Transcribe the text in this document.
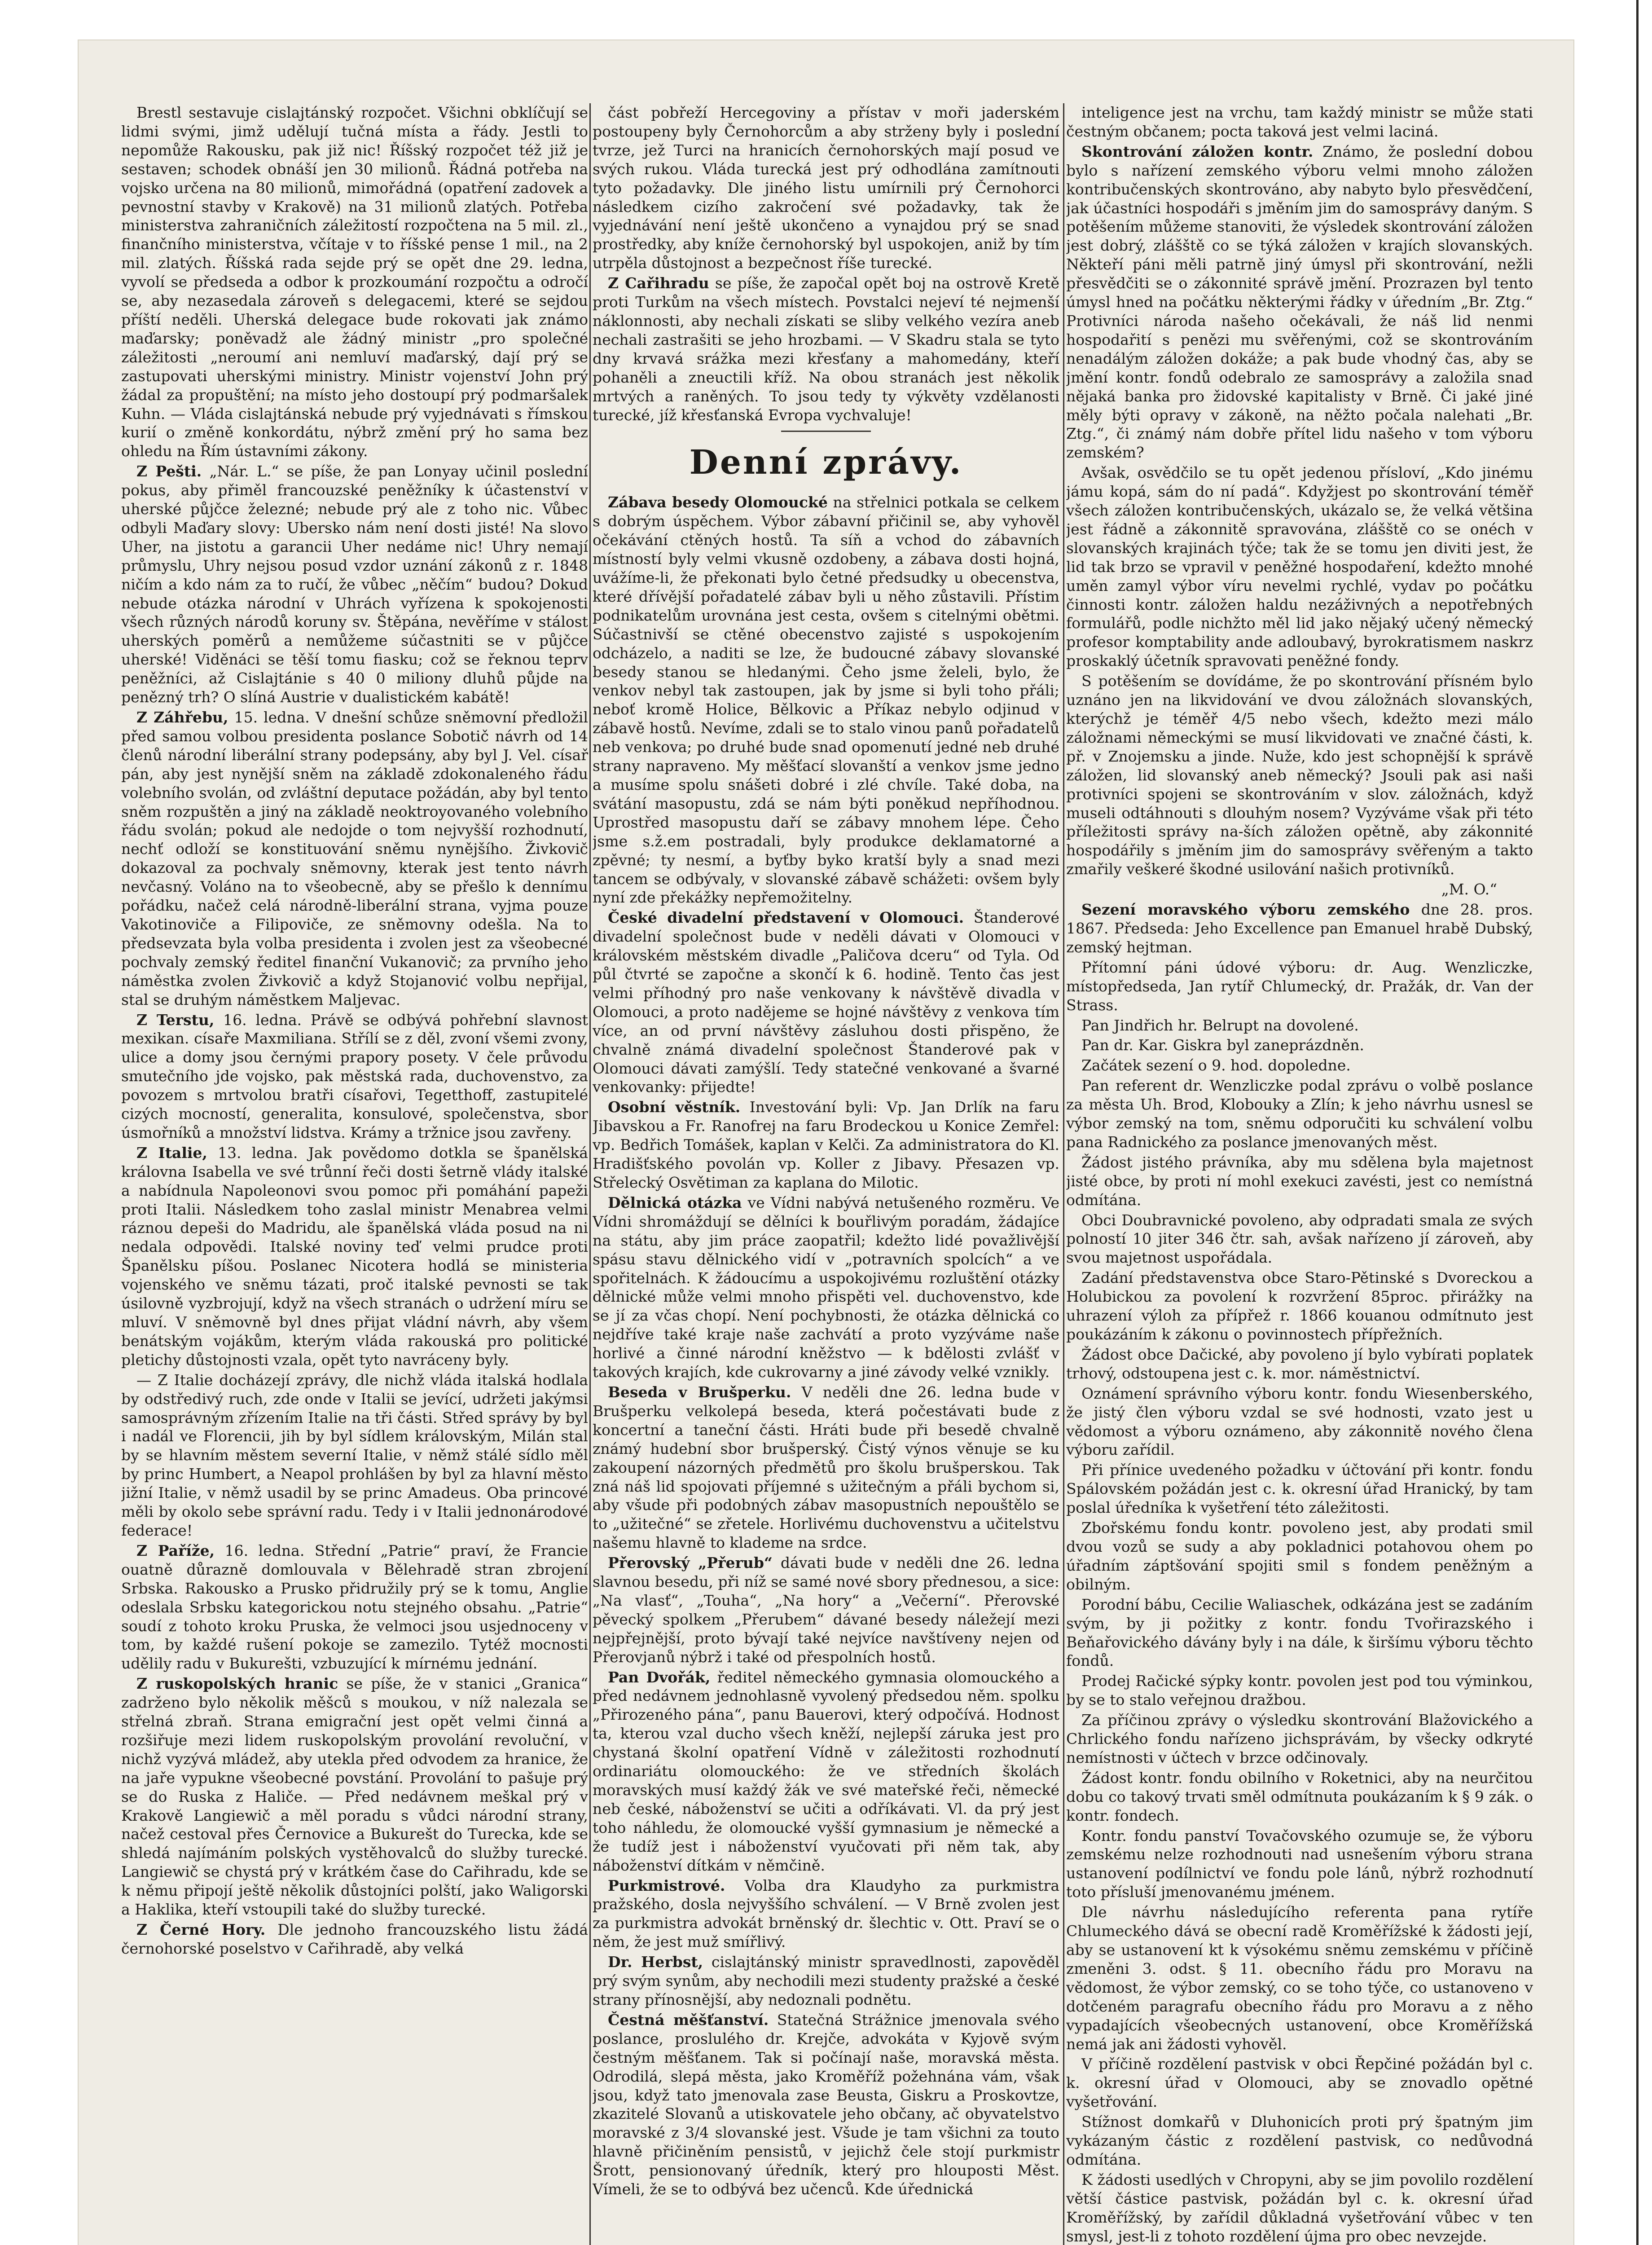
Brestl sestavuje cislajtánský rozpočet. Všichni obklíčují se lidmi svými, jimž udělují tučná místa a řády. Jestli to nepomůže Rakousku, pak již nic! Říšský rozpočet též již je sestaven; schodek obnáší jen 30 milionů. Řádná potřeba na vojsko určena na 80 milionů, mimořádná (opatření zadovek a pevnostní stavby v Krakově) na 31 milionů zlatých. Potřeba ministerstva zahraničních záležitostí rozpočtena na 5 mil. zl., finančního ministerstva, včítaje v to říšské pense 1 mil., na 2 mil. zlatých. Říšská rada sejde prý se opět dne 29. ledna, vyvolí se předseda a odbor k prozkoumání rozpočtu a odročí se, aby nezasedala zároveň s delegacemi, které se sejdou příští neděli. Uherská delegace bude rokovati jak známo maďarsky; poněvadž ale žádný ministr „pro společné záležitosti „neroumí ani nemluví maďarský, dají prý se zastupovati uherskými ministry. Ministr vojenství John prý žádal za propuštění; na místo jeho dostoupí prý podmaršalek Kuhn. — Vláda cislajtánská nebude prý vyjednávati s římskou kurií o změně konkordátu, nýbrž změní prý ho sama bez ohledu na Řím ústavními zákony.

Z Pešti. „Nár. L.“ se píše, že pan Lonyay učinil poslední pokus, aby přiměl francouzské peněžníky k účastenství v uherské půjčce železné; nebude prý ale z toho nic. Vůbec odbyli Maďary slovy: Ubersko nám není dosti jisté! Na slovo Uher, na jistotu a garancii Uher nedáme nic! Uhry nemají průmyslu, Uhry nejsou posud vzdor uznání zákonů z r. 1848 ničím a kdo nám za to ručí, že vůbec „něčím“ budou? Dokud nebude otázka národní v Uhrách vyřízena k spokojenosti všech různých národů koruny sv. Štěpána, nevěříme v stálost uherských poměrů a nemůžeme súčastniti se v půjčce uherské! Viděnáci se těší tomu fiasku; což se řeknou teprv peněžníci, až Cislajtánie s 40 0 miliony dluhů půjde na penězný trh? O slíná Austrie v dualistickém kabátě!

Z Záhřebu, 15. ledna. V dnešní schůze sněmovní předložil před samou volbou presidenta poslance Sobotič návrh od 14 členů národní liberální strany podepsány, aby byl J. Vel. císař pán, aby jest nynější sněm na základě zdokonaleného řádu volebního svolán, od zvláštní deputace požádán, aby byl tento sněm rozpuštěn a jiný na základě neoktroyovaného volebního řádu svolán; pokud ale nedojde o tom nejvyšší rozhodnutí, nechť odloží se konstituování sněmu nynějšího. Živkovič dokazoval za pochvaly sněmovny, kterak jest tento návrh nevčasný. Voláno na to všeobecně, aby se přešlo k dennímu pořádku, načež celá národně-liberální strana, vyjma pouze Vakotinoviče a Filipoviče, ze sněmovny odešla. Na to předsevzata byla volba presidenta i zvolen jest za všeobecné pochvaly zemský ředitel finanční Vukanovič; za prvního jeho náměstka zvolen Živkovič a když Stojanović volbu nepřijal, stal se druhým náměstkem Maljevac.

Z Terstu, 16. ledna. Právě se odbývá pohřební slavnost mexikan. císaře Maxmiliana. Střílí se z děl, zvoní všemi zvony, ulice a domy jsou černými prapory posety. V čele průvodu smutečního jde vojsko, pak městská rada, duchovenstvo, za povozem s mrtvolou bratři císařovi, Tegetthoff, zastupitelé cizých mocností, generalita, konsulové, společenstva, sbor úsmořníků a množství lidstva. Krámy a tržnice jsou zavřeny.

Z Italie, 13. ledna. Jak povědomo dotkla se španělská královna Isabella ve své trůnní řeči dosti šetrně vlády italské a nabídnula Napoleonovi svou pomoc při pomáhání papeži proti Italii. Následkem toho zaslal ministr Menabrea velmi ráznou depeši do Madridu, ale španělská vláda posud na ni nedala odpovědi. Italské noviny teď velmi prudce proti Španělsku píšou. Poslanec Nicotera hodlá se ministeria vojenského ve sněmu tázati, proč italské pevnosti se tak úsilovně vyzbrojují, když na všech stranách o udržení míru se mluví. V sněmovně byl dnes přijat vládní návrh, aby všem benátským vojákům, kterým vláda rakouská pro politické pletichy důstojnosti vzala, opět tyto navráceny byly.

— Z Italie docházejí zprávy, dle nichž vláda italská hodlala by odstředivý ruch, zde onde v Italii se jevící, udržeti jakýmsi samosprávným zřízením Italie na tři části. Střed správy by byl i nadál ve Florencii, jih by byl sídlem královským, Milán stal by se hlavním městem severní Italie, v němž stálé sídlo měl by princ Humbert, a Neapol prohlášen by byl za hlavní město jižní Italie, v němž usadil by se princ Amadeus. Oba princové měli by okolo sebe správní radu. Tedy i v Italii jednonárodové federace!

Z Paříže, 16. ledna. Střední „Patrie“ praví, že Francie ouatně důrazně domlouvala v Bělehradě stran zbrojení Srbska. Rakousko a Prusko přidružily prý se k tomu, Anglie odeslala Srbsku kategorickou notu stejného obsahu. „Patrie“ soudí z tohoto kroku Pruska, že velmoci jsou usjednoceny v tom, by každé rušení pokoje se zamezilo. Tytéž mocnosti udělily radu v Bukurešti, vzbuzující k mírnému jednání.

Z ruskopolských hranic se píše, že v stanici „Granica“ zadrženo bylo několik měšců s moukou, v níž nalezala se střelná zbraň. Strana emigrační jest opět velmi činná a rozšiřuje mezi lidem ruskopolským provolání revoluční, v nichž vyzývá mládež, aby utekla před odvodem za hranice, že na jaře vypukne všeobecné povstání. Provolání to pašuje prý se do Ruska z Haliče. — Před nedávnem meškal prý v Krakově Langiewič a měl poradu s vůdci národní strany, načež cestoval přes Černovice a Bukurešt do Turecka, kde se shledá najímáním polských vystěhovalců do služby turecké. Langiewič se chystá prý v krátkém čase do Cařihradu, kde se k němu připojí ještě několik důstojníci polští, jako Waligorski a Haklika, kteří vstoupili také do služby turecké.

Z Černé Hory. Dle jednoho francouzského listu žádá černohorské poselstvo v Cařihradě, aby velká

část pobřeží Hercegoviny a přístav v moři jaderském postoupeny byly Černohorcům a aby strženy byly i poslední tvrze, jež Turci na hranicích černohorských mají posud ve svých rukou. Vláda turecká jest prý odhodlána zamítnouti tyto požadavky. Dle jiného listu umírnili prý Černohorci následkem cizího zakročení své požadavky, tak že vyjednávání není ještě ukončeno a vynajdou prý se snad prostředky, aby kníže černohorský byl uspokojen, aniž by tím utrpěla důstojnost a bezpečnost říše turecké.

Z Cařihradu se píše, že započal opět boj na ostrově Kretě proti Turkům na všech místech. Povstalci nejeví té nejmenší náklonnosti, aby nechali získati se sliby velkého vezíra aneb nechali zastrašiti se jeho hrozbami. — V Skadru stala se tyto dny krvavá srážka mezi křesťany a mahomedány, kteří pohaněli a zneuctili kříž. Na obou stranách jest několik mrtvých a raněných. To jsou tedy ty výkvěty vzdělanosti turecké, jíž křesťanská Evropa vychvaluje!

Denní zprávy.

Zábava besedy Olomoucké na střelnici potkala se celkem s dobrým úspěchem. Výbor zábavní přičinil se, aby vyhověl očekávání ctěných hostů. Ta síň a vchod do zábavních místností byly velmi vkusně ozdobeny, a zábava dosti hojná, uvážíme-li, že překonati bylo četné předsudky u obecenstva, které dřívější pořadatelé zábav byli u něho zůstavili. Přístim podnikatelům urovnána jest cesta, ovšem s citelnými obětmi. Súčastnivší se ctěné obecenstvo zajisté s uspokojením odcházelo, a naditi se lze, že budoucné zábavy slovanské besedy stanou se hledanými. Čeho jsme želeli, bylo, že venkov nebyl tak zastoupen, jak by jsme si byli toho přáli; neboť kromě Holice, Bělkovic a Příkaz nebylo odjinud v zábavě hostů. Nevíme, zdali se to stalo vinou panů pořadatelů neb venkova; po druhé bude snad opomenutí jedné neb druhé strany napraveno. My měšťací slovanští a venkov jsme jedno a musíme spolu snášeti dobré i zlé chvíle. Také doba, na svátání masopustu, zdá se nám býti poněkud nepříhodnou. Uprostřed masopustu daří se zábavy mnohem lépe. Čeho jsme s.ž.em postradali, byly produkce deklamatorné a zpěvné; ty nesmí, a byťby byko kratší byly a snad mezi tancem se odbývaly, v slovanské zábavě schážeti: ovšem byly nyní zde překážky nepřemožitelny.

České divadelní představení v Olomouci. Štanderové divadelní společnost bude v neděli dávati v Olomouci v královském městském divadle „Paličova dceru“ od Tyla. Od půl čtvrté se započne a skončí k 6. hodině. Tento čas jest velmi příhodný pro naše venkovany k návštěvě divadla v Olomouci, a proto nadějeme se hojné návštěvy z venkova tím více, an od první návštěvy zásluhou dosti přispěno, že chvalně známá divadelní společnost Štanderové pak v Olomouci dávati zamýšlí. Tedy statečné venkované a švarné venkovanky: přijedte!

Osobní věstník. Investování byli: Vp. Jan Drlík na faru Jibavskou a Fr. Ranofrej na faru Brodeckou u Konice Zemřel: vp. Bedřich Tomášek, kaplan v Kelči. Za administratora do Kl. Hradišťského povolán vp. Koller z Jibavy. Přesazen vp. Střelecký Osvětiman za kaplana do Milotic.

Dělnická otázka ve Vídni nabývá netušeného rozměru. Ve Vídni shromáždují se dělníci k bouřlivým poradám, žádajíce na státu, aby jim práce zaopatřil; kdežto lidé považlivější spásu stavu dělnického vidí v „potravních spolcích“ a ve spořitelnách. K žádoucímu a uspokojivému rozluštění otázky dělnické může velmi mnoho přispěti vel. duchovenstvo, kde se jí za včas chopí. Není pochybnosti, že otázka dělnická co nejdříve také kraje naše zachvátí a proto vyzýváme naše horlivé a činné národní kněžstvo — k bdělosti zvlášť v takových krajích, kde cukrovarny a jiné závody velké vznikly.

Beseda v Brušperku. V neděli dne 26. ledna bude v Brušperku velkolepá beseda, která počestávati bude z koncertní a taneční části. Hráti bude při besedě chvalně známý hudební sbor brušperský. Čistý výnos věnuje se ku zakoupení názorných předmětů pro školu brušperskou. Tak zná náš lid spojovati příjemné s užitečným a přáli bychom si, aby všude při podobných zábav masopustních nepouštělo se to „užitečné“ se zřetele. Horlivému duchovenstvu a učitelstvu našemu hlavně to klademe na srdce.

Přerovský „Přerub“ dávati bude v neděli dne 26. ledna slavnou besedu, při níž se samé nové sbory přednesou, a sice: „Na vlasť“, „Touha“, „Na hory“ a „Večerní“. Přerovské pěvecký spolkem „Přerubem“ dávané besedy náležejí mezi nejpřejnější, proto bývají také nejvíce navštíveny nejen od Přerovjanů nýbrž i také od přespolních hostů.

Pan Dvořák, ředitel německého gymnasia olomouckého a před nedávnem jednohlasně vyvolený předsedou něm. spolku „Přirozeného pána“, panu Bauerovi, který odpočívá. Hodnost ta, kterou vzal ducho všech kněží, nejlepší záruka jest pro chystaná školní opatření Vídně v záležitosti rozhodnutí ordinariátu olomouckého: že ve středních školách moravských musí každý žák ve své mateřské řeči, německé neb české, náboženství se učiti a odříkávati. Vl. da prý jest toho náhledu, že olomoucké vyšší gymnasium je německé a že tudíž jest i náboženství vyučovati při něm tak, aby náboženství dítkám v němčině.

Purkmistrové. Volba dra Klaudyho za purkmistra pražského, dosla nejvyššího schválení. — V Brně zvolen jest za purkmistra advokát brněnský dr. šlechtic v. Ott. Praví se o něm, že jest muž smířlivý.

Dr. Herbst, cislajtánský ministr spravedlnosti, zapověděl prý svým synům, aby nechodili mezi studenty pražské a české strany přínosnější, aby nedoznali podnětu.

Čestná měšťanství. Statečná Strážnice jmenovala svého poslance, proslulého dr. Krejče, advokáta v Kyjově svým čestným měšťanem. Tak si počínají naše, moravská města. Odrodilá, slepá města, jako Kroměříž požehnána vám, však jsou, když tato jmenovala zase Beusta, Giskru a Proskovtze, zkazitelé Slovanů a utiskovatele jeho občany, ač obyvatelstvo moravské z 3/4 slovanské jest. Všude je tam všichni za touto hlavně přičiněním pensistů, v jejichž čele stojí purkmistr Šrott, pensionovaný úředník, který pro hlouposti Měst. Vímeli, že se to odbývá bez učenců. Kde úřednická

inteligence jest na vrchu, tam každý ministr se může stati čestným občanem; pocta taková jest velmi laciná.

Skontrování záložen kontr. Známo, že poslední dobou bylo s nařízení zemského výboru velmi mnoho záložen kontribučenských skontrováno, aby nabyto bylo přesvědčení, jak účastníci hospodáři s jměním jim do samosprávy daným. S potěšením můžeme stanoviti, že výsledek skontrování záložen jest dobrý, zlášště co se týká záložen v krajích slovanských. Někteří páni měli patrně jiný úmysl při skontrování, nežli přesvědčiti se o zákonnité správě jmění. Prozrazen byl tento úmysl hned na počátku některými řádky v úředním „Br. Ztg.“ Protivníci národa našeho očekávali, že náš lid nenmi hospodařití s penězi mu svěřenými, což se skontrováním nenadálým záložen dokáže; a pak bude vhodný čas, aby se jmění kontr. fondů odebralo ze samosprávy a založila snad nějaká banka pro židovské kapitalisty v Brně. Či jaké jiné měly býti opravy v zákoně, na něžto počala nalehati „Br. Ztg.“, či známý nám dobře přítel lidu našeho v tom výboru zemském?

Avšak, osvědčilo se tu opět jedenou přísloví, „Kdo jinému jámu kopá, sám do ní padá“. Kdyžjest po skontrování téměř všech záložen kontribučenských, ukázalo se, že velká většina jest řádně a zákonnitě spravována, zlášště co se onéch v slovanských krajinách týče; tak že se tomu jen diviti jest, že lid tak brzo se vpravil v peněžné hospodaření, kdežto mnohé uměn zamyl výbor víru nevelmi rychlé, vydav po počátku činnosti kontr. záložen haldu nezáživných a nepotřebných formulářů, podle nichžto měl lid jako nějaký učený německý profesor komptability ande adloubavý, byrokratismem naskrz proskaklý účetník spravovati peněžné fondy.

S potěšením se dovídáme, že po skontrování přísném bylo uznáno jen na likvidování ve dvou záložnách slovanských, kterýchž je téměř 4/5 nebo všech, kdežto mezi málo záložnami německými se musí likvidovati ve značné části, k. př. v Znojemsku a jinde. Nuže, kdo jest schopnější k správě záložen, lid slovanský aneb německý? Jsouli pak asi naši protivníci spojeni se skontrováním v slov. záložnách, když museli odtáhnouti s dlouhým nosem? Vyzýváme však při této příležitosti správy na-ších záložen opětně, aby zákonnité hospodářily s jměním jim do samosprávy svěřeným a takto zmařily veškeré škodné usilování našich protivníků.

„M. O.“

Sezení moravského výboru zemského dne 28. pros. 1867. Předseda: Jeho Excellence pan Emanuel hrabě Dubský, zemský hejtman.

Přítomní páni údové výboru: dr. Aug. Wenzliczke, místopředseda, Jan rytíř Chlumecký, dr. Pražák, dr. Van der Strass.

Pan Jindřich hr. Belrupt na dovolené.

Pan dr. Kar. Giskra byl zaneprázdněn.

Začátek sezení o 9. hod. dopoledne.

Pan referent dr. Wenzliczke podal zprávu o volbě poslance za města Uh. Brod, Klobouky a Zlín; k jeho návrhu usnesl se výbor zemský na tom, sněmu odporučiti ku schválení volbu pana Radnického za poslance jmenovaných měst.

Žádost jistého právníka, aby mu sdělena byla majetnost jisté obce, by proti ní mohl exekuci zavésti, jest co nemístná odmítána.

Obci Doubravnické povoleno, aby odpradati smala ze svých polností 10 jiter 346 čtr. sah, avšak nařízeno jí zároveň, aby svou majetnost uspořádala.

Zadání představenstva obce Staro-Pětinské s Dvoreckou a Holubickou za povolení k rozvržení 85proc. přirážky na uhrazení výloh za přípřež r. 1866 kouanou odmítnuto jest poukázáním k zákonu o povinnostech přípřežních.

Žádost obce Dačické, aby povoleno jí bylo vybírati poplatek trhový, odstoupena jest c. k. mor. náměstnictví.

Oznámení správního výboru kontr. fondu Wiesenberského, že jistý člen výboru vzdal se své hodnosti, vzato jest u vědomost a výboru oznámeno, aby zákonnitě nového člena výboru zařídil.

Při přínice uvedeného požadku v účtování při kontr. fondu Spálovském požádán jest c. k. okresní úřad Hranický, by tam poslal úředníka k vyšetření této záležitosti.

Zbořskému fondu kontr. povoleno jest, aby prodati smil dvou vozů se sudy a aby pokladnici potahovou ohem po úřadním záptšování spojiti smil s fondem peněžným a obilným.

Porodní bábu, Cecilie Waliaschek, odkázána jest se zadáním svým, by ji požitky z kontr. fondu Tvořirazského i Beňařovického dávány byly i na dále, k širšímu výboru těchto fondů.

Prodej Račické sýpky kontr. povolen jest pod tou výminkou, by se to stalo veřejnou dražbou.

Za příčinou zprávy o výsledku skontrování Blažovického a Chrlického fondu nařízeno jichsprávám, by všecky odkryté nemístnosti v účtech v brzce odčinovaly.

Žádost kontr. fondu obilního v Roketnici, aby na neurčitou dobu co takový trvati směl odmítnuta poukázaním k § 9 zák. o kontr. fondech.

Kontr. fondu panství Tovačovského ozumuje se, že výboru zemskému nelze rozhodnouti nad usnešením výboru strana ustanovení podílnictví ve fondu pole lánů, nýbrž rozhodnutí toto přísluší jmenovanému jménem.

Dle návrhu následujícího referenta pana rytíře Chlumeckého dává se obecní radě Kroměřížské k žádosti její, aby se ustanovení kt k výsokému sněmu zemskému v příčině zmeněni 3. odst. § 11. obecního řádu pro Moravu na vědomost, že výbor zemský, co se toho týče, co ustanoveno v dotčeném paragrafu obecního řádu pro Moravu a z něho vypadajících všeobecných ustanovení, obce Kroměřížská nemá jak ani žádosti vyhověl.

V příčině rozdělení pastvisk v obci Řepčiné požádán byl c. k. okresní úřad v Olomouci, aby se znovadlo opětné vyšetřování.

Stížnost domkařů v Dluhonicích proti prý špatným jim vykázaným částic z rozdělení pastvisk, co nedůvodná odmítána.

K žádosti usedlých v Chropyni, aby se jim povolilo rozdělení větší částice pastvisk, požádán byl c. k. okresní úřad Kroměřížský, by zařídil důkladná vyšetřování vůbec v ten smysl, jest-li z tohoto rozdělení újma pro obec nevzejde.
